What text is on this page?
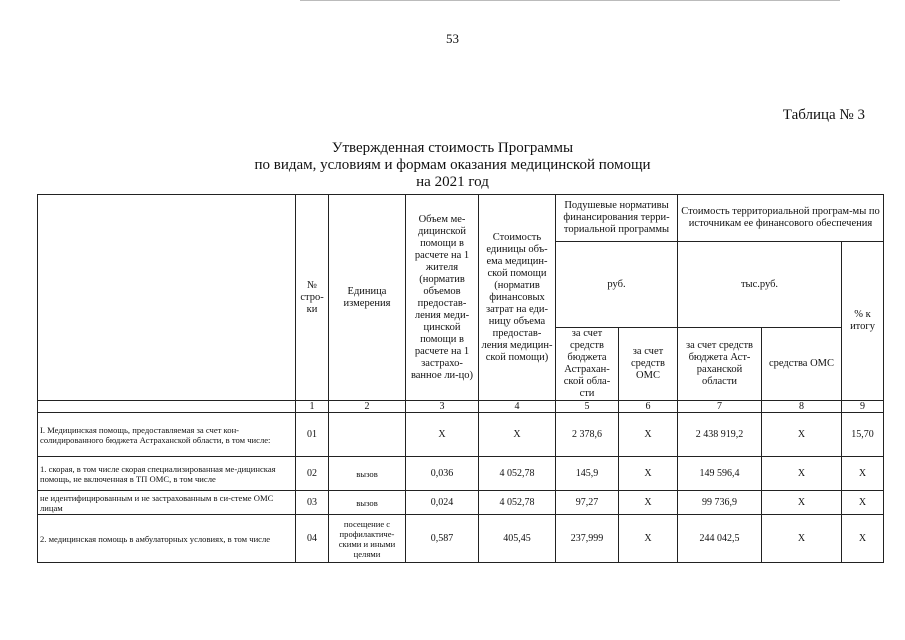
53
Таблица № 3
Утвержденная стоимость Программы
по видам, условиям и формам оказания медицинской помощи
на 2021 год
	№ стро-ки	Единица измерения	Объем ме-дицинской помощи в расчете на 1 жителя (норматив объемов предостав-ления меди-цинской помощи в расчете на 1 застрахо-ванное ли-цо)	Стоимость единицы объ-ема медицин-ской помощи (норматив финансовых затрат на еди-ницу объема предостав-ления медицин-ской помощи)	Подушевые нормативы финансирования терри-ториальной программы		Стоимость территориальной програм-мы по источникам ее финансового обеспечения		
					руб.		тыс.руб.		% к итогу
					за счет средств бюджета Астрахан-ской обла-сти	за счет средств ОМС	за счет средств бюджета Аст-раханской области	средства ОМС	
	1	2	3	4	5	6	7	8	9
I. Медицинская помощь, предоставляемая за счет кон-солидированного бюджета Астраханской области, в том числе:	01		Х	Х	2 378,6	Х	2 438 919,2	Х	15,70
1. скорая, в том числе скорая специализированная ме-дицинская помощь, не включенная в ТП ОМС, в том числе	02	вызов	0,036	4 052,78	145,9	Х	149 596,4	Х	Х
не идентифицированным и не застрахованным в си-стеме ОМС лицам	03	вызов	0,024	4 052,78	97,27	Х	99 736,9	Х	Х
2. медицинская помощь в амбулаторных условиях, в том числе	04	посещение с профилактиче-скими и иными целями	0,587	405,45	237,999	Х	244 042,5	Х	Х
